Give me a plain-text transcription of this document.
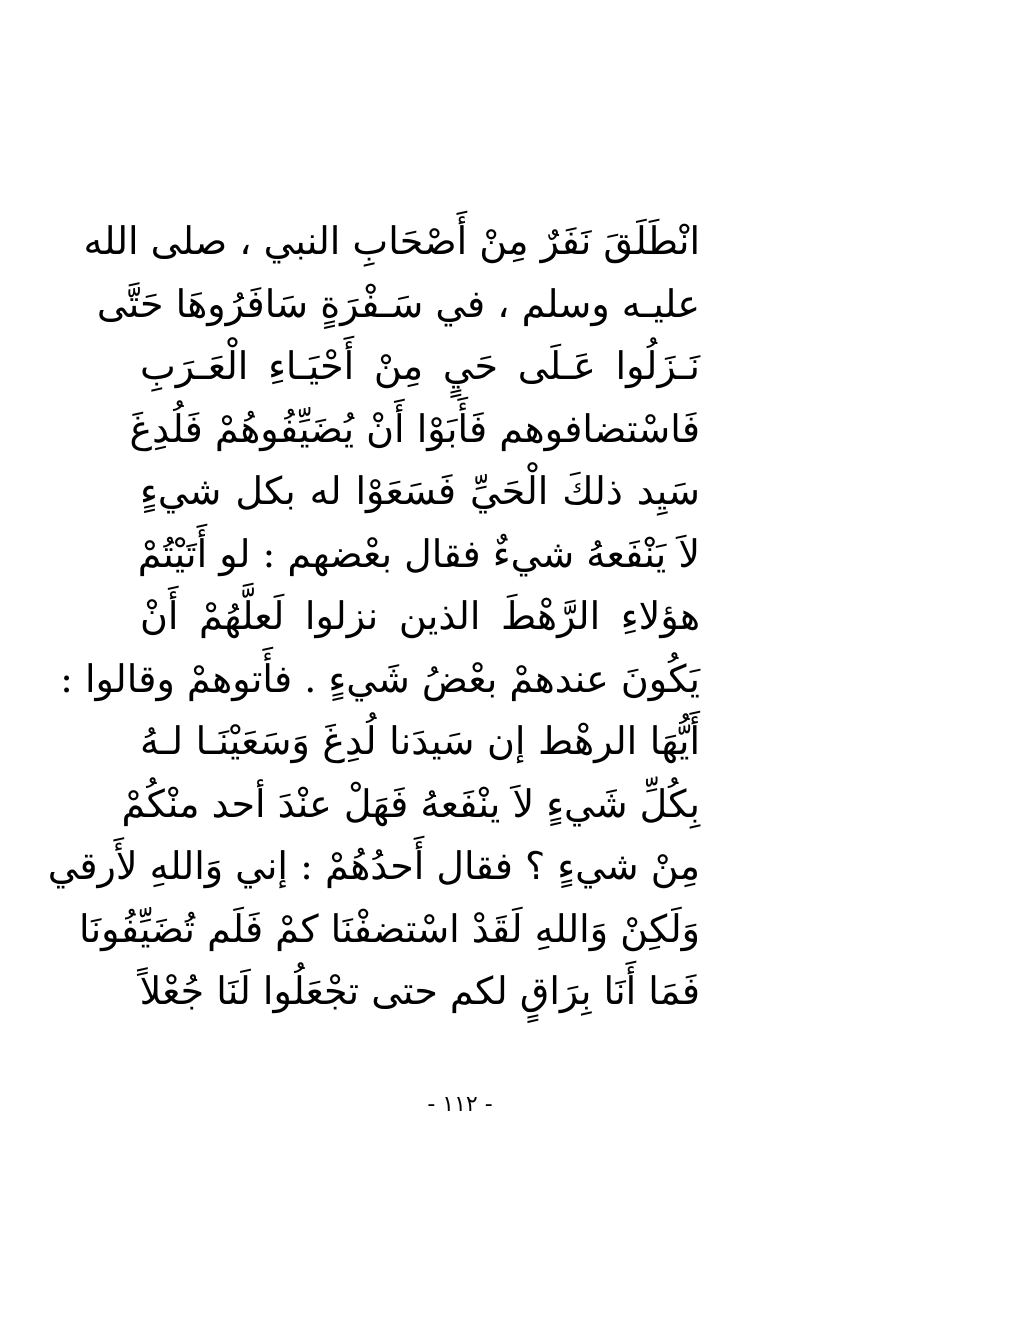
انْطَلَقَ نَفَرٌ مِنْ أَصْحَابِ النبي ، صلى الله
عليـه وسلم ، في سَـفْرَةٍ سَافَرُوهَا حَتَّى
نَـزَلُوا عَـلَى حَيٍ مِنْ أَحْيَـاءِ الْعَـرَبِ
فَاسْتضافوهم فَأَبَوْا أَنْ يُضَيِّفُوهُمْ فَلُدِغَ
سَيِد ذلكَ الْحَيِّ فَسَعَوْا له بكل شيءٍ
لاَ يَنْفَعهُ شيءٌ فقال بعْضهم : لو أَتَيْتُمْ
هؤلاءِ الرَّهْطَ الذين نزلوا لَعلَّهُمْ أَنْ
يَكُونَ عندهمْ بعْضُ شَيءٍ . فأَتوهمْ وقالوا :
أَيُّهَا الرهْط إن سَيدَنا لُدِغَ وَسَعَيْنَـا لـهُ
بِكُلِّ شَيءٍ لاَ ينْفَعهُ فَهَلْ عنْدَ أحد منْكُمْ
مِنْ شيءٍ ؟ فقال أَحدُهُمْ : إني وَاللهِ لأَرقي
وَلَكِنْ وَاللهِ لَقَدْ اسْتضفْنَا كمْ فَلَم تُضَيِّفُونَا
فَمَا أَنَا بِرَاقٍ لكم حتى تجْعَلُوا لَنَا جُعْلاً
- ١١٢ -
